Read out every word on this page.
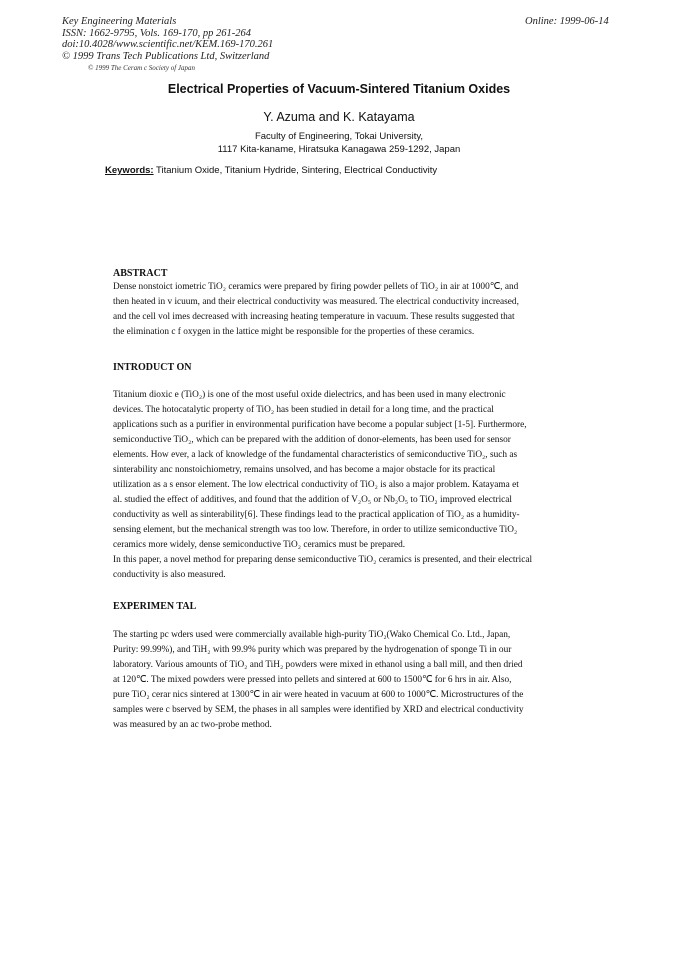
Key Engineering Materials
ISSN: 1662-9795, Vols. 169-170, pp 261-264
doi:10.4028/www.scientific.net/KEM.169-170.261
© 1999 Trans Tech Publications Ltd, Switzerland
Online: 1999-06-14
© 1999 The Ceram c Society of Japan
Electrical Properties of Vacuum-Sintered Titanium Oxides
Y. Azuma and K. Katayama
Faculty of Engineering, Tokai University,
1117 Kita-kaname, Hiratsuka Kanagawa 259-1292, Japan
Keywords: Titanium Oxide, Titanium Hydride, Sintering, Electrical Conductivity
ABSTRACT
Dense nonstoict iometric TiO₂ ceramics were prepared by firing powder pellets of TiO₂ in air at 1000℃, and
then heated in v icuum, and their electrical conductivity was measured. The electrical conductivity increased,
and the cell vol imes decreased with increasing heating temperature in vacuum. These results suggested that
the elimination c f oxygen in the lattice might be responsible for the properties of these ceramics.
INTRODUCT ON
Titanium dioxic e (TiO₂) is one of the most useful oxide dielectrics, and has been used in many electronic
devices. The hotocatalytic property of TiO₂ has been studied in detail for a long time, and the practical
applications such as a purifier in environmental purification have become a popular subject [1-5]. Furthermore,
semiconductive TiO₂, which can be prepared with the addition of donor-elements, has been used for sensor
elements. How ever, a lack of knowledge of the fundamental characteristics of semiconductive TiO₂, such as
sinterability anc nonstoichiometry, remains unsolved, and has become a major obstacle for its practical
utilization as a s ensor element. The low electrical conductivity of TiO₂ is also a major problem. Katayama et
al. studied the effect of additives, and found that the addition of V₂O₅ or Nb₂O₅ to TiO₂ improved electrical
conductivity as well as sinterability[6]. These findings lead to the practical application of TiO₂ as a humidity-
sensing element, but the mechanical strength was too low. Therefore, in order to utilize semiconductive TiO₂
ceramics more widely, dense semiconductive TiO₂ ceramics must be prepared.
In this paper, a novel method for preparing dense semiconductive TiO₂ ceramics is presented, and their electrical
conductivity is also measured.
EXPERIMEN TAL
The starting pc wders used were commercially available high-purity TiO₂(Wako Chemical Co. Ltd., Japan,
Purity: 99.99%), and TiH₂ with 99.9% purity which was prepared by the hydrogenation of sponge Ti in our
laboratory. Various amounts of TiO₂ and TiH₂ powders were mixed in ethanol using a ball mill, and then dried
at 120℃. The mixed powders were pressed into pellets and sintered at 600 to 1500℃ for 6 hrs in air. Also,
pure TiO₂ cerar nics sintered at 1300℃ in air were heated in vacuum at 600 to 1000℃. Microstructures of the
samples were c bserved by SEM, the phases in all samples were identified by XRD and electrical conductivity
was measured by an ac two-probe method.
